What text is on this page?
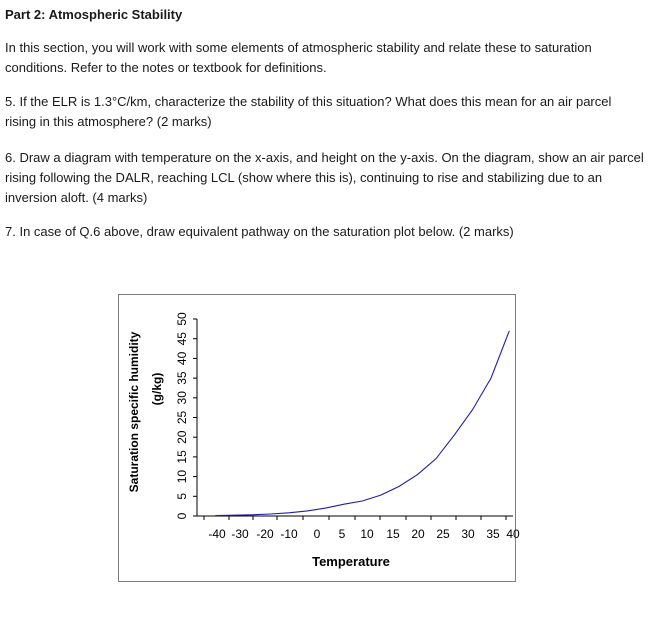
Part 2: Atmospheric Stability

In this section, you will work with some elements of atmospheric stability and relate these to saturation conditions. Refer to the notes or textbook for definitions.

5. If the ELR is 1.3°C/km, characterize the stability of this situation? What does this mean for an air parcel rising in this atmosphere? (2 marks)

6. Draw a diagram with temperature on the x-axis, and height on the y-axis. On the diagram, show an air parcel rising following the DALR, reaching LCL (show where this is), continuing to rise and stabilizing due to an inversion aloft. (4 marks)

7. In case of Q.6 above, draw equivalent pathway on the saturation plot below. (2 marks)

0
5
10
15
20
25
30
35
40
45
50
-40 -30 -20 -10 0 5 10 15 20 25 30 35 40
Saturation specific humidity (g/kg)
Temperature
